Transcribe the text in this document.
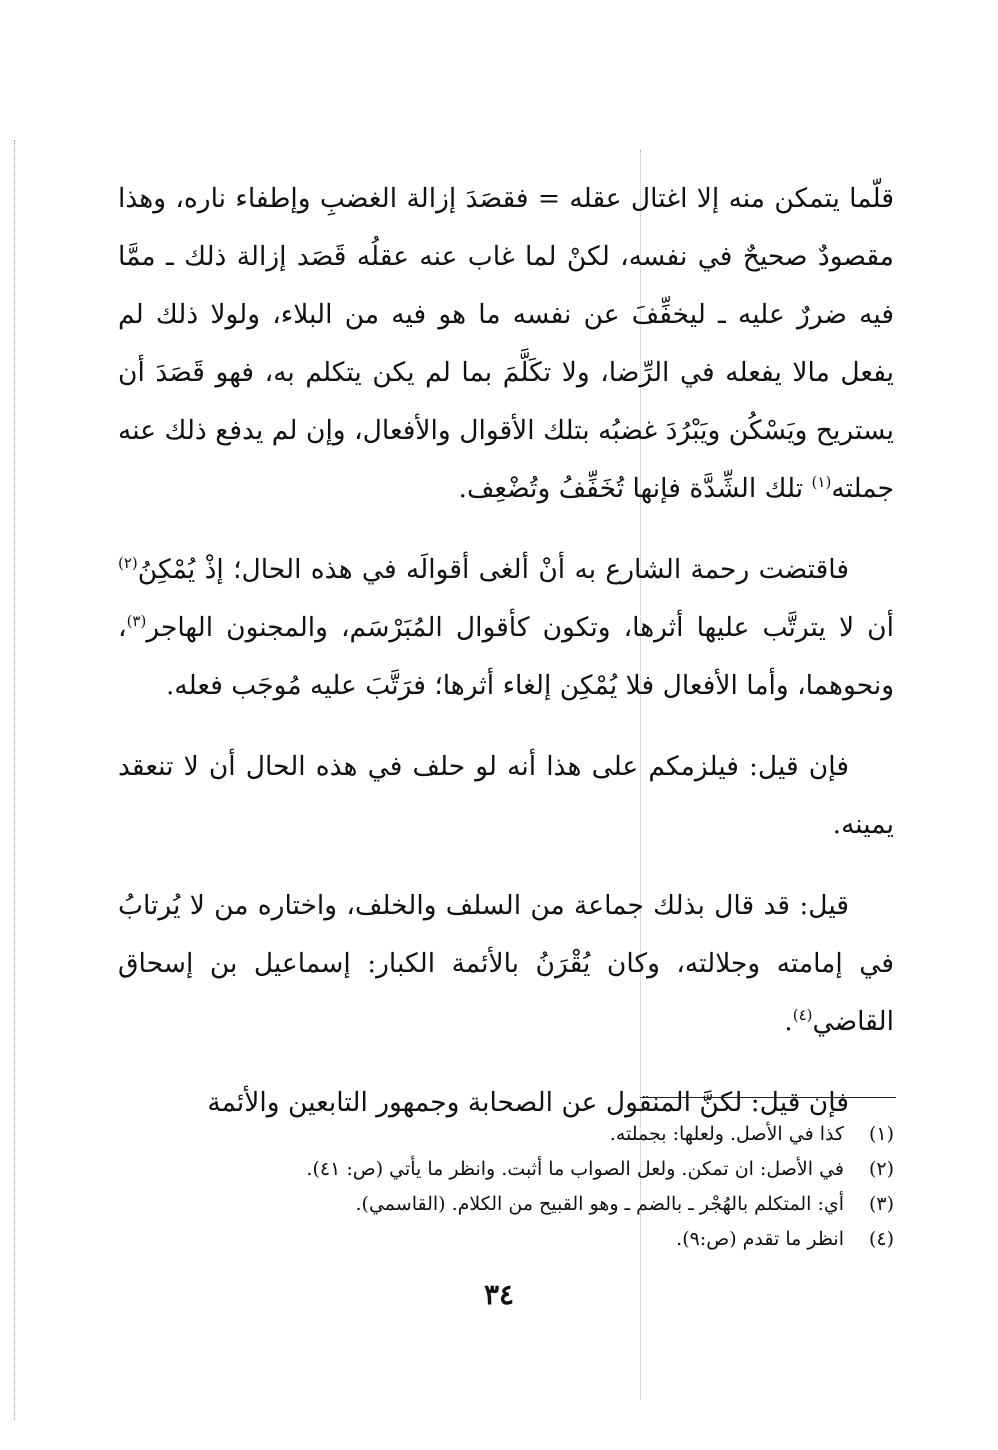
قلّما يتمكن منه إلا اغتال عقله = فقصَدَ إزالة الغضبِ وإطفاء ناره، وهذا مقصودٌ صحيحٌ في نفسه، لكنْ لما غاب عنه عقلُه قَصَد إزالة ذلك ـ ممَّا فيه ضررٌ عليه ـ ليخفِّفَ عن نفسه ما هو فيه من البلاء، ولولا ذلك لم يفعل مالا يفعله في الرِّضا، ولا تكَلَّمَ بما لم يكن يتكلم به، فهو قَصَدَ أن يستريح ويَسْكُن ويَبْرُدَ غضبُه بتلك الأقوال والأفعال، وإن لم يدفع ذلك عنه جملته$^{(١)}$ تلك الشِّدَّة فإنها تُخَفِّفُ وتُضْعِف.

فاقتضت رحمة الشارع به أنْ ألغى أقوالَه في هذه الحال؛ إذْ يُمْكِنُ$^{(٢)}$ أن لا يترتَّب عليها أثرها، وتكون كأقوال المُبَرْسَم، والمجنون الهاجر$^{(٣)}$، ونحوهما، وأما الأفعال فلا يُمْكِن إلغاء أثرها؛ فرَتَّبَ عليه مُوجَب فعله.

فإن قيل: فيلزمكم على هذا أنه لو حلف في هذه الحال أن لا تنعقد يمينه.

قيل: قد قال بذلك جماعة من السلف والخلف، واختاره من لا يُرتابُ في إمامته وجلالته، وكان يُقْرَنُ بالأئمة الكبار: إسماعيل بن إسحاق القاضي$^{(٤)}$.

فإن قيل: لكنَّ المنقول عن الصحابة وجمهور التابعين والأئمة

(١)
كذا في الأصل. ولعلها: بجملته.
(٢)
في الأصل: ان تمكن. ولعل الصواب ما أثبت. وانظر ما يأتي (ص: ٤١).
(٣)
أي: المتكلم بالهُجْر ـ بالضم ـ وهو القبيح من الكلام. (القاسمي).
(٤)
انظر ما تقدم (ص:٩).
٣٤
